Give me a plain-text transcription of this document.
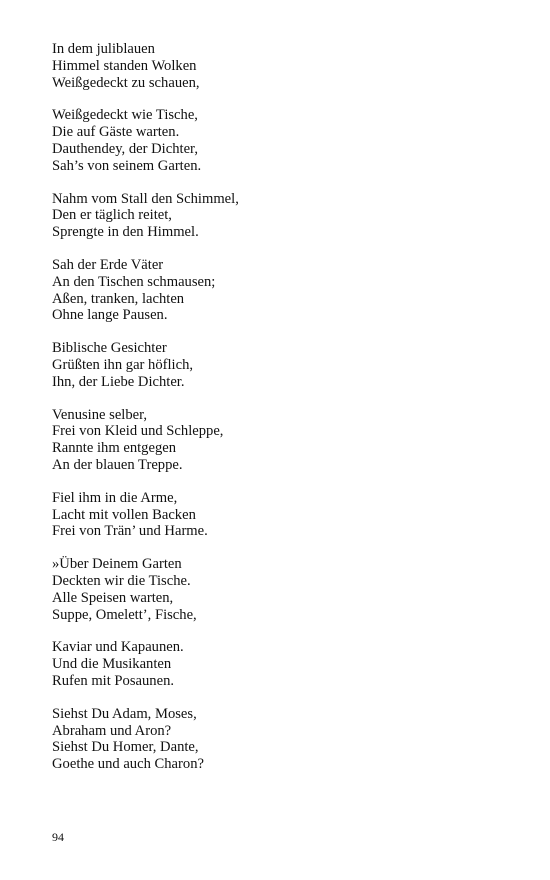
In dem juliblauen
Himmel standen Wolken
Weißgedeckt zu schauen,
Weißgedeckt wie Tische,
Die auf Gäste warten.
Dauthendey, der Dichter,
Sah’s von seinem Garten.
Nahm vom Stall den Schimmel,
Den er täglich reitet,
Sprengte in den Himmel.
Sah der Erde Väter
An den Tischen schmausen;
Aßen, tranken, lachten
Ohne lange Pausen.
Biblische Gesichter
Grüßten ihn gar höflich,
Ihn, der Liebe Dichter.
Venusine selber,
Frei von Kleid und Schleppe,
Rannte ihm entgegen
An der blauen Treppe.
Fiel ihm in die Arme,
Lacht mit vollen Backen
Frei von Trän’ und Harme.
»Über Deinem Garten
Deckten wir die Tische.
Alle Speisen warten,
Suppe, Omelett’, Fische,
Kaviar und Kapaunen.
Und die Musikanten
Rufen mit Posaunen.
Siehst Du Adam, Moses,
Abraham und Aron?
Siehst Du Homer, Dante,
Goethe und auch Charon?
94
